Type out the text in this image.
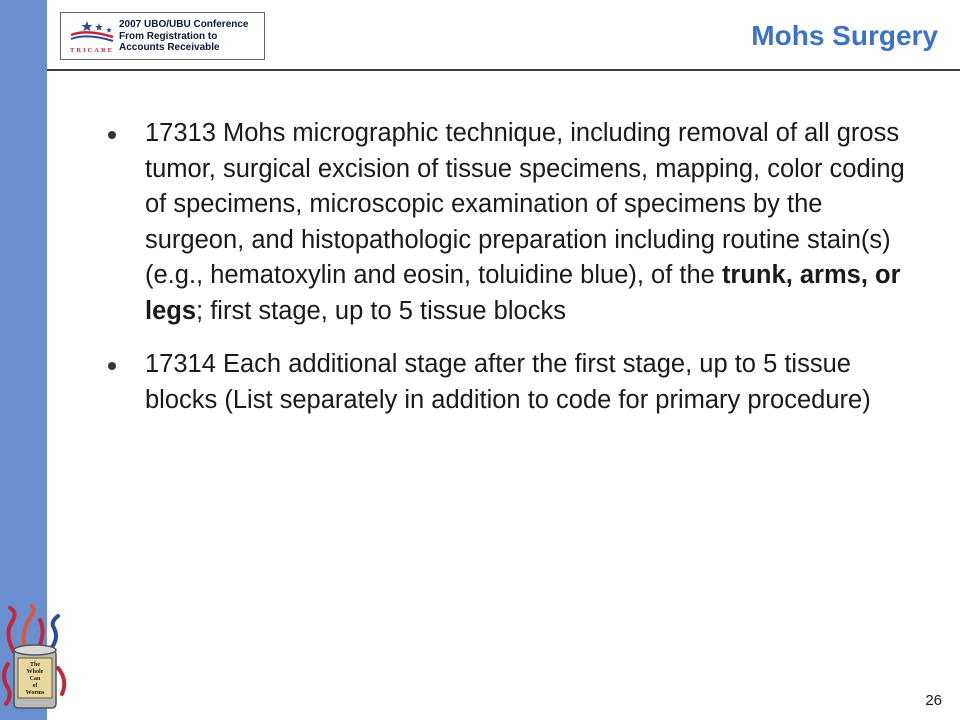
TRICARE
2007 UBO/UBU Conference
From Registration to
Accounts Receivable	Mohs Surgery
17313 Mohs micrographic technique, including removal of all gross tumor, surgical excision of tissue specimens, mapping, color coding of specimens, microscopic examination of specimens by the surgeon, and histopathologic preparation including routine stain(s) (e.g., hematoxylin and eosin, toluidine blue), of the trunk, arms, or legs; first stage, up to 5 tissue blocks
17314 Each additional stage after the first stage, up to 5 tissue blocks (List separately in addition to code for primary procedure)
The
Whole
Can
of
Worms	26
